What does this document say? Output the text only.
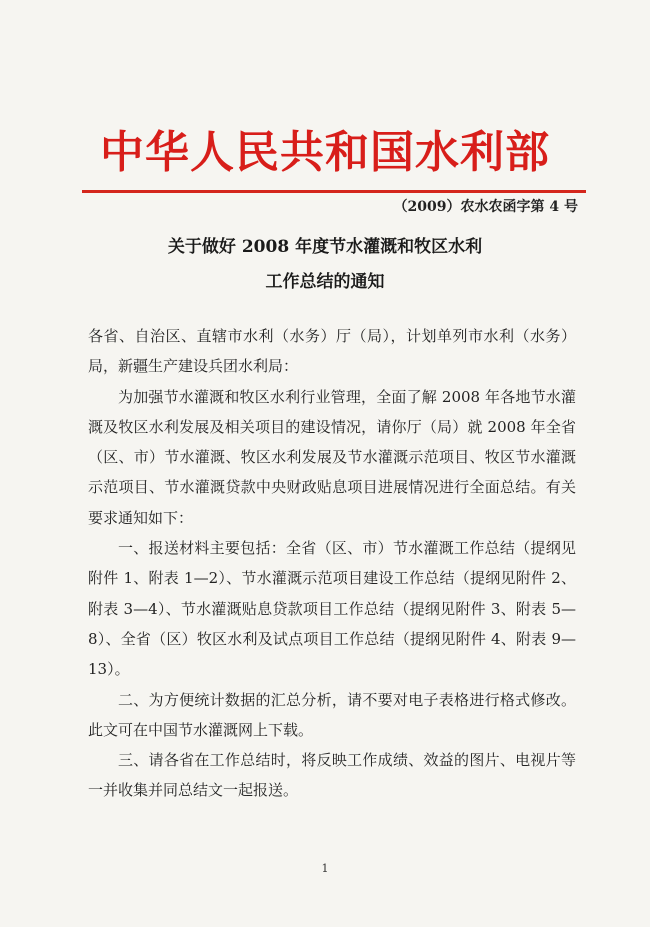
中华人民共和国水利部
（2009）农水农函字第 4 号
关于做好 2008 年度节水灌溉和牧区水利
工作总结的通知

各省、自治区、直辖市水利（水务）厅（局），计划单列市水利（水务）局，新疆生产建设兵团水利局：

为加强节水灌溉和牧区水利行业管理，全面了解 2008 年各地节水灌溉及牧区水利发展及相关项目的建设情况，请你厅（局）就 2008 年全省（区、市）节水灌溉、牧区水利发展及节水灌溉示范项目、牧区节水灌溉示范项目、节水灌溉贷款中央财政贴息项目进展情况进行全面总结。有关要求通知如下：

一、报送材料主要包括：全省（区、市）节水灌溉工作总结（提纲见附件 1、附表 1—2）、节水灌溉示范项目建设工作总结（提纲见附件 2、附表 3—4）、节水灌溉贴息贷款项目工作总结（提纲见附件 3、附表 5—8）、全省（区）牧区水利及试点项目工作总结（提纲见附件 4、附表 9—13）。

二、为方便统计数据的汇总分析，请不要对电子表格进行格式修改。此文可在中国节水灌溉网上下载。

三、请各省在工作总结时，将反映工作成绩、效益的图片、电视片等一并收集并同总结文一起报送。

1
